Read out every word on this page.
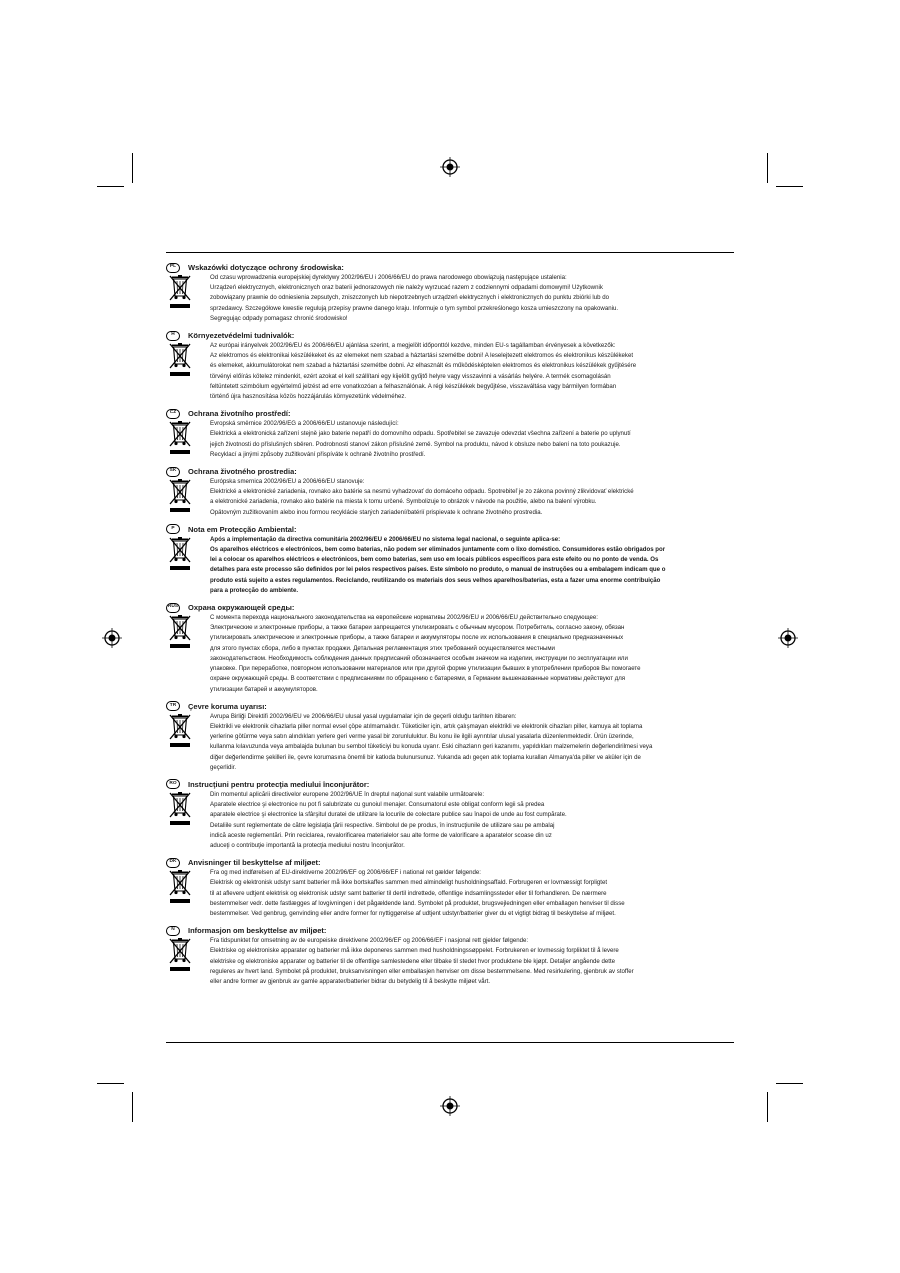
PL	Wskazówki dotyczące ochrony środowiska:

Od czasu wprowadzenia europejskiej dyrektywy 2002/96/EU i 2006/66/EU do prawa narodowego obowiązują następujące ustalenia:

Urządzeń elektrycznych, elektronicznych oraz baterii jednorazowych nie należy wyrzucać razem z codziennymi odpadami domowymi! Użytkownik

zobowiązany prawnie do odniesienia zepsutych, zniszczonych lub niepotrzebnych urządzeń elektrycznych i elektronicznych do punktu zbiórki lub do

sprzedawcy. Szczegółowe kwestie regulują przepisy prawne danego kraju. Informuje o tym symbol przekreślonego kosza umieszczony na opakowaniu.

Segregując odpady pomagasz chronić środowisko!

H	Környezetvédelmi tudnivalók:

Az európai irányelvek 2002/96/EU és 2006/66/EU ajánlása szerint, a megjelölt időponttól kezdve, minden EU-s tagállamban érvényesek a következők:

Az elektromos és elektronikai készülékeket és az elemeket nem szabad a háztartási szemétbe dobni! A leselejtezett elektromos és elektronikus készülékeket

és elemeket, akkumulátorokat nem szabad a háztartási szemétbe dobni. Az elhasznált és működésképtelen elektromos és elektronikus készülékek gyűjtésére

törvényi előírás kötelez mindenkit, ezért azokat el kell szállítani egy kijelölt gyűjtő helyre vagy visszavinni a vásárlás helyére. A termék csomagolásán

feltüntetett szimbólum egyértelmű jelzést ad erre vonatkozóan a felhasználónak. A régi készülékek begyűjtése, visszaváltása vagy bármilyen formában

történő újra hasznosítása közös hozzájárulás környezetünk védelméhez.

CZ	Ochrana životního prostředí:

Evropská směrnice 2002/96/EG a 2006/66/EU ustanovuje následující:

Elektrická a elektronická zařízení stejně jako baterie nepatří do domovního odpadu. Spotřebitel se zavazuje odevzdat všechna zařízení a baterie po uplynutí

jejich životnosti do příslušných sběren. Podrobnosti stanoví zákon příslušné země. Symbol na produktu, návod k obsluze nebo balení na toto poukazuje.

Recyklací a jinými způsoby zužitkování přispíváte k ochraně životního prostředí.

SK	Ochrana životného prostredia:

Európska smernica 2002/96/EU a 2006/66/EU stanovuje:

Elektrické a elektronické zariadenia, rovnako ako batérie sa nesmú vyhadzovať do domáceho odpadu. Spotrebiteľ je zo zákona povinný zlikvidovať elektrické

a elektronické zariadenia, rovnako ako batérie na miesta k tomu určené. Symbolizuje to obrázok v návode na použitie, alebo na balení výrobku.

Opätovným zužitkovaním alebo inou formou recyklácie starých zariadení/batérií prispievate k ochrane životného prostredia.

P	Nota em Protecção Ambiental:

Após a implementação da directiva comunitária 2002/96/EU e 2006/66/EU no sistema legal nacional, o seguinte aplica-se:

Os aparelhos eléctricos e electrónicos, bem como baterias, não podem ser eliminados juntamente com o lixo doméstico. Consumidores estão obrigados por

lei a colocar os aparelhos eléctricos e electrónicos, bem como baterias, sem uso em locais públicos específicos para este efeito ou no ponto de venda. Os

detalhes para este processo são definidos por lei pelos respectivos países. Este símbolo no produto, o manual de instruções ou a embalagem indicam que o

produto está sujeito a estes regulamentos. Reciclando, reutilizando os materiais dos seus velhos aparelhos/baterias, esta a fazer uma enorme contribuição

para a protecção do ambiente.

RUS Охрана окружающей среды:

С момента перехода национального законодательства на европейские нормативы 2002/96/EU и 2006/66/EU действительно следующее:

Электрические и электронные приборы, а также батареи запрещается утилизировать с обычным мусором. Потребитель, согласно закону, обязан

утилизировать электрические и электронные приборы, а также батареи и аккумуляторы после их использования в специально предназначенных

для этого пунктах сбора, либо в пунктах продажи. Детальная регламентация этих требований осуществляется местными

законодательством. Необходимость соблюдения данных предписаний обозначается особым значком на изделии, инструкции по эксплуатации или

упаковке. При переработке, повторном использовании материалов или при другой форме утилизации бывших в употреблении приборов Вы помогаете

охране окружающей среды. В соответствии с предписаниями по обращению с батареями, в Германии вышеназванные нормативы действуют для

утилизации батарей и аккумуляторов.

TR	Çevre koruma uyarısı:

Avrupa Birliği Direktifi 2002/96/EU ve 2006/66/EU ulusal yasal uygulamalar için de geçerli olduğu tarihten itibaren:

Elektrikli ve elektronik cihazlarla piller normal evsel çöpe atılmamalıdır. Tüketiciler için, artık çalışmayan elektrikli ve elektronik cihazları piller, kamuya ait toplama

yerlerine götürme veya satın alındıkları yerlere geri verme yasal bir zorunluluktur. Bu konu ile ilgili ayrıntılar ulusal yasalarla düzenlenmektedir. Ürün üzerinde,

kullanma kılavuzunda veya ambalajda bulunan bu sembol tüketiciyi bu konuda uyarır. Eski cihazların geri kazanımı, yapıldıkları malzemelerin değerlendirilmesi veya

diğer değerlendirme şekilleri ile, çevre korumasına önemli bir katkıda bulunursunuz. Yukarıda adı geçen atık toplama kuralları Almanya'da piller ve aküler için de

geçerlidir.

RO	Instrucţiuni pentru protecţia mediului înconjurător:

Din momentul aplicării directivelor europene 2002/96/UE în dreptul naţional sunt valabile următoarele:

Aparatele electrice şi electronice nu pot fi salubrizate cu gunoiul menajer. Consumatorul este obligat conform legii să predea

aparatele electrice şi electronice la sfârşitul duratei de utilizare la locurile de colectare publice sau înapoi de unde au fost cumpărate.

Detaliile sunt reglementate de către legislaţia ţării respective. Simbolul de pe produs, în instrucţiunile de utilizare sau pe ambalaj

indică aceste reglementări. Prin reciclarea, revalorificarea materialelor sau alte forme de valorificare a aparatelor scoase din uz

aduceţi o contribuţie importantă la protecţia mediului nostru înconjurător.

DK	Anvisninger til beskyttelse af miljøet:

Fra og med indførelsen af EU-direktiverne 2002/96/EF og 2006/66/EF i national ret gælder følgende:

Elektrisk og elektronisk udstyr samt batterier må ikke bortskaffes sammen med almindeligt husholdningsaffald. Forbrugeren er lovmæssigt forpligtet

til at aflevere udtjent elektrisk og elektronisk udstyr samt batterier til dertil indrettede, offentlige indsamlingssteder eller til forhandleren. De nærmere

bestemmelser vedr. dette fastlægges af lovgivningen i det pågældende land. Symbolet på produktet, brugsvejledningen eller emballagen henviser til disse

bestemmelser. Ved genbrug, genvinding eller andre former for nyttiggørelse af udtjent udstyr/batterier giver du et vigtigt bidrag til beskyttelse af miljøet.

N	Informasjon om beskyttelse av miljøet:

Fra tidspunktet for omsetning av de europeiske direktivene 2002/96/EF og 2006/66/EF i nasjonal rett gjelder følgende:

Elektriske og elektroniske apparater og batterier må ikke deponeres sammen med husholdningssøppelet. Forbrukeren er lovmessig forpliktet til å levere

elektriske og elektroniske apparater og batterier til de offentlige samlestedene eller tilbake til stedet hvor produktene ble kjøpt. Detaljer angående dette

reguleres av hvert land. Symbolet på produktet, bruksanvisningen eller emballasjen henviser om disse bestemmelsene. Med resirkulering, gjenbruk av stoffer

eller andre former av gjenbruk av gamle apparater/batterier bidrar du betydelig til å beskytte miljøet vårt.
